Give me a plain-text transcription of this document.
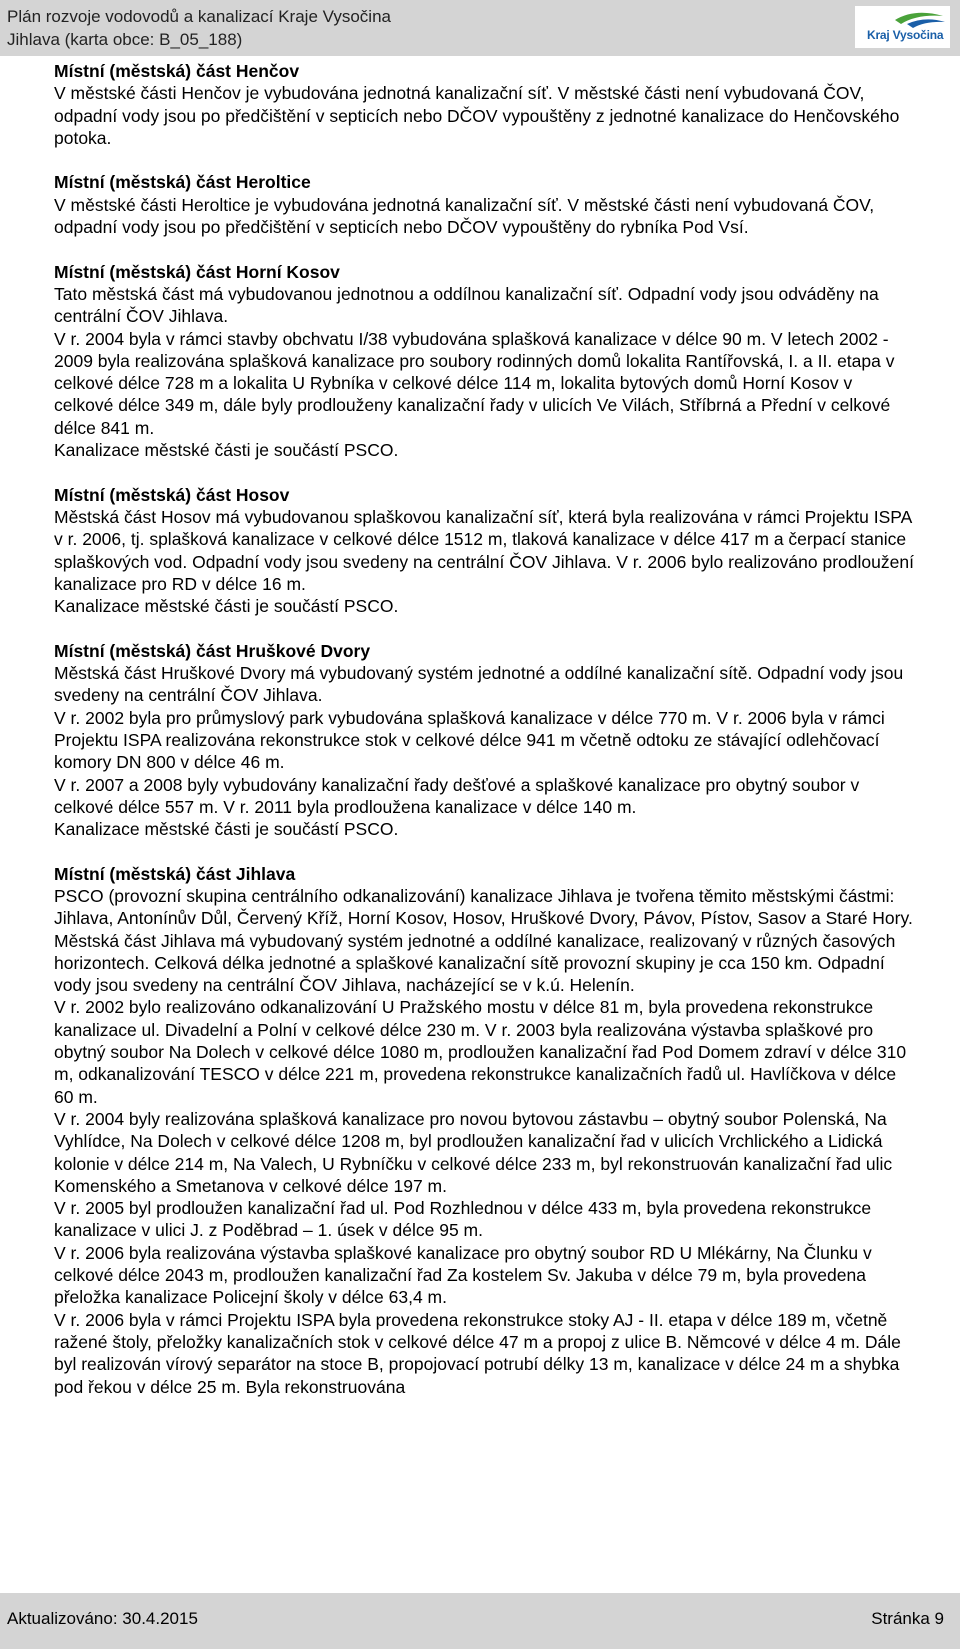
Plán rozvoje vodovodů a kanalizací Kraje Vysočina
Jihlava (karta obce: B_05_188)	Kraj Vysočina
Místní (městská) část Henčov

V městské části Henčov je vybudována jednotná kanalizační síť. V městské části není vybudovaná ČOV, odpadní vody jsou po předčištění v septicích nebo DČOV vypouštěny z jednotné kanalizace do Henčovského potoka.

Místní (městská) část Heroltice

V městské části Heroltice je vybudována jednotná kanalizační síť. V městské části není vybudovaná ČOV, odpadní vody jsou po předčištění v septicích nebo DČOV vypouštěny do rybníka Pod Vsí.

Místní (městská) část Horní Kosov

Tato městská část má vybudovanou jednotnou a oddílnou kanalizační síť. Odpadní vody jsou odváděny na centrální ČOV Jihlava.

V r. 2004 byla v rámci stavby obchvatu I/38 vybudována splašková kanalizace v délce 90 m. V letech 2002 - 2009 byla realizována splašková kanalizace pro soubory rodinných domů lokalita Rantířovská, I. a II. etapa v celkové délce 728 m a lokalita U Rybníka v celkové délce 114 m, lokalita bytových domů Horní Kosov v celkové délce 349 m, dále byly prodlouženy kanalizační řady v ulicích Ve Vilách, Stříbrná a Přední v celkové délce 841 m.

Kanalizace městské části je součástí PSCO.

Místní (městská) část Hosov

Městská část Hosov má vybudovanou splaškovou kanalizační síť, která byla realizována v rámci Projektu ISPA v r. 2006, tj. splašková kanalizace v celkové délce 1512 m, tlaková kanalizace v délce 417 m a čerpací stanice splaškových vod. Odpadní vody jsou svedeny na centrální ČOV Jihlava. V r. 2006 bylo realizováno prodloužení kanalizace pro RD v délce 16 m.

Kanalizace městské části je součástí PSCO.

Místní (městská) část Hruškové Dvory

Městská část Hruškové Dvory má vybudovaný systém jednotné a oddílné kanalizační sítě. Odpadní vody jsou svedeny na centrální ČOV Jihlava.

V r. 2002 byla pro průmyslový park vybudována splašková kanalizace v délce 770 m. V r. 2006 byla v rámci Projektu ISPA realizována rekonstrukce stok v celkové délce 941 m včetně odtoku ze stávající odlehčovací komory DN 800 v délce 46 m.

V r. 2007 a 2008 byly vybudovány kanalizační řady dešťové a splaškové kanalizace pro obytný soubor v celkové délce 557 m. V r. 2011 byla prodloužena kanalizace v délce 140 m.

Kanalizace městské části je součástí PSCO.

Místní (městská) část Jihlava

PSCO (provozní skupina centrálního odkanalizování) kanalizace Jihlava je tvořena těmito městskými částmi: Jihlava, Antonínův Důl, Červený Kříž, Horní Kosov, Hosov, Hruškové Dvory, Pávov, Pístov, Sasov a Staré Hory.

Městská část Jihlava má vybudovaný systém jednotné a oddílné kanalizace, realizovaný v různých časových horizontech. Celková délka jednotné a splaškové kanalizační sítě provozní skupiny je cca 150 km. Odpadní vody jsou svedeny na centrální ČOV Jihlava, nacházející se v k.ú. Helenín.

V r. 2002 bylo realizováno odkanalizování U Pražského mostu v délce 81 m, byla provedena rekonstrukce kanalizace ul. Divadelní a Polní v celkové délce 230 m. V r. 2003 byla realizována výstavba splaškové pro obytný soubor Na Dolech v celkové délce 1080 m, prodloužen kanalizační řad Pod Domem zdraví v délce 310 m, odkanalizování TESCO v délce 221 m, provedena rekonstrukce kanalizačních řadů ul. Havlíčkova v délce 60 m.

V r. 2004 byly realizována splašková kanalizace pro novou bytovou zástavbu – obytný soubor Polenská, Na Vyhlídce, Na Dolech v celkové délce 1208 m, byl prodloužen kanalizační řad v ulicích Vrchlického a Lidická kolonie v délce 214 m, Na Valech, U Rybníčku v celkové délce 233 m, byl rekonstruován kanalizační řad ulic Komenského a Smetanova v celkové délce 197 m.

V r. 2005 byl prodloužen kanalizační řad ul. Pod Rozhlednou v délce 433 m, byla provedena rekonstrukce kanalizace v ulici J. z Poděbrad – 1. úsek v délce 95 m.

V r. 2006 byla realizována výstavba splaškové kanalizace pro obytný soubor RD U Mlékárny, Na Člunku v celkové délce 2043 m, prodloužen kanalizační řad Za kostelem Sv. Jakuba v délce 79 m, byla provedena přeložka kanalizace Policejní školy v délce 63,4 m.

V r. 2006 byla v rámci Projektu ISPA byla provedena rekonstrukce stoky AJ - II. etapa v délce 189 m, včetně ražené štoly, přeložky kanalizačních stok v celkové délce 47 m a propoj z ulice B. Němcové v délce 4 m. Dále byl realizován vírový separátor na stoce B, propojovací potrubí délky 13 m, kanalizace v délce 24 m a shybka pod řekou v délce 25 m. Byla rekonstruována

Aktualizováno: 30.4.2015	Stránka 9
